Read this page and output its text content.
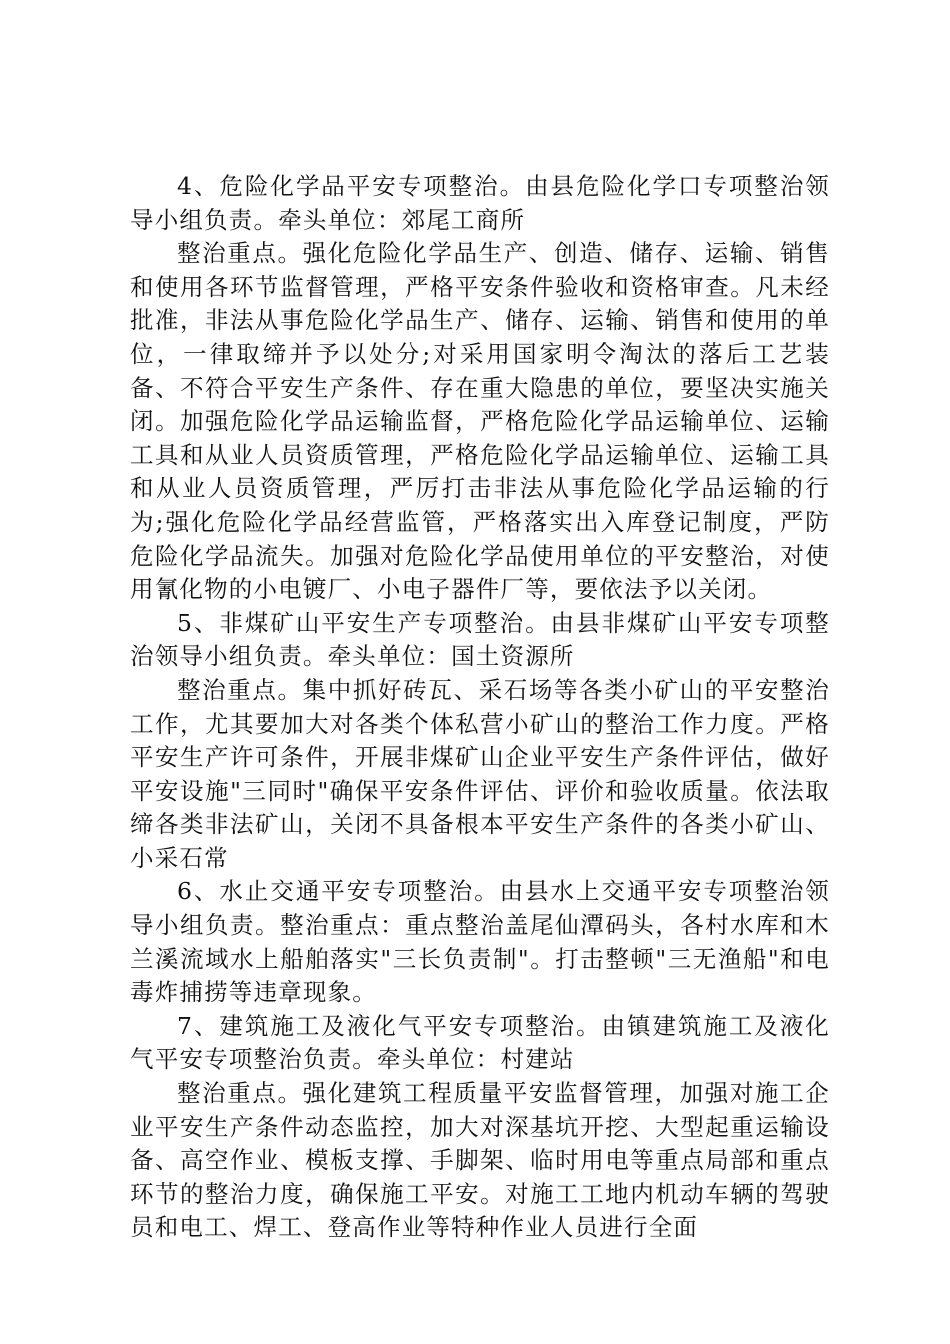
4、危险化学品平安专项整治。由县危险化学口专项整治领导小组负责。牵头单位：郊尾工商所

整治重点。强化危险化学品生产、创造、储存、运输、销售和使用各环节监督管理，严格平安条件验收和资格审查。凡未经批准，非法从事危险化学品生产、储存、运输、销售和使用的单位，一律取缔并予以处分;对采用国家明令淘汰的落后工艺装备、不符合平安生产条件、存在重大隐患的单位，要坚决实施关闭。加强危险化学品运输监督，严格危险化学品运输单位、运输工具和从业人员资质管理，严格危险化学品运输单位、运输工具和从业人员资质管理，严厉打击非法从事危险化学品运输的行为;强化危险化学品经营监管，严格落实出入库登记制度，严防危险化学品流失。加强对危险化学品使用单位的平安整治，对使用氰化物的小电镀厂、小电子器件厂等，要依法予以关闭。

5、非煤矿山平安生产专项整治。由县非煤矿山平安专项整治领导小组负责。牵头单位：国土资源所

整治重点。集中抓好砖瓦、采石场等各类小矿山的平安整治工作，尤其要加大对各类个体私营小矿山的整治工作力度。严格平安生产许可条件，开展非煤矿山企业平安生产条件评估，做好平安设施"三同时"确保平安条件评估、评价和验收质量。依法取缔各类非法矿山，关闭不具备根本平安生产条件的各类小矿山、小采石常

6、水止交通平安专项整治。由县水上交通平安专项整治领导小组负责。整治重点：重点整治盖尾仙潭码头，各村水库和木兰溪流域水上船舶落实"三长负责制"。打击整顿"三无渔船"和电毒炸捕捞等违章现象。

7、建筑施工及液化气平安专项整治。由镇建筑施工及液化气平安专项整治负责。牵头单位：村建站

整治重点。强化建筑工程质量平安监督管理，加强对施工企业平安生产条件动态监控，加大对深基坑开挖、大型起重运输设备、高空作业、模板支撑、手脚架、临时用电等重点局部和重点环节的整治力度，确保施工平安。对施工工地内机动车辆的驾驶员和电工、焊工、登高作业等特种作业人员进行全面
